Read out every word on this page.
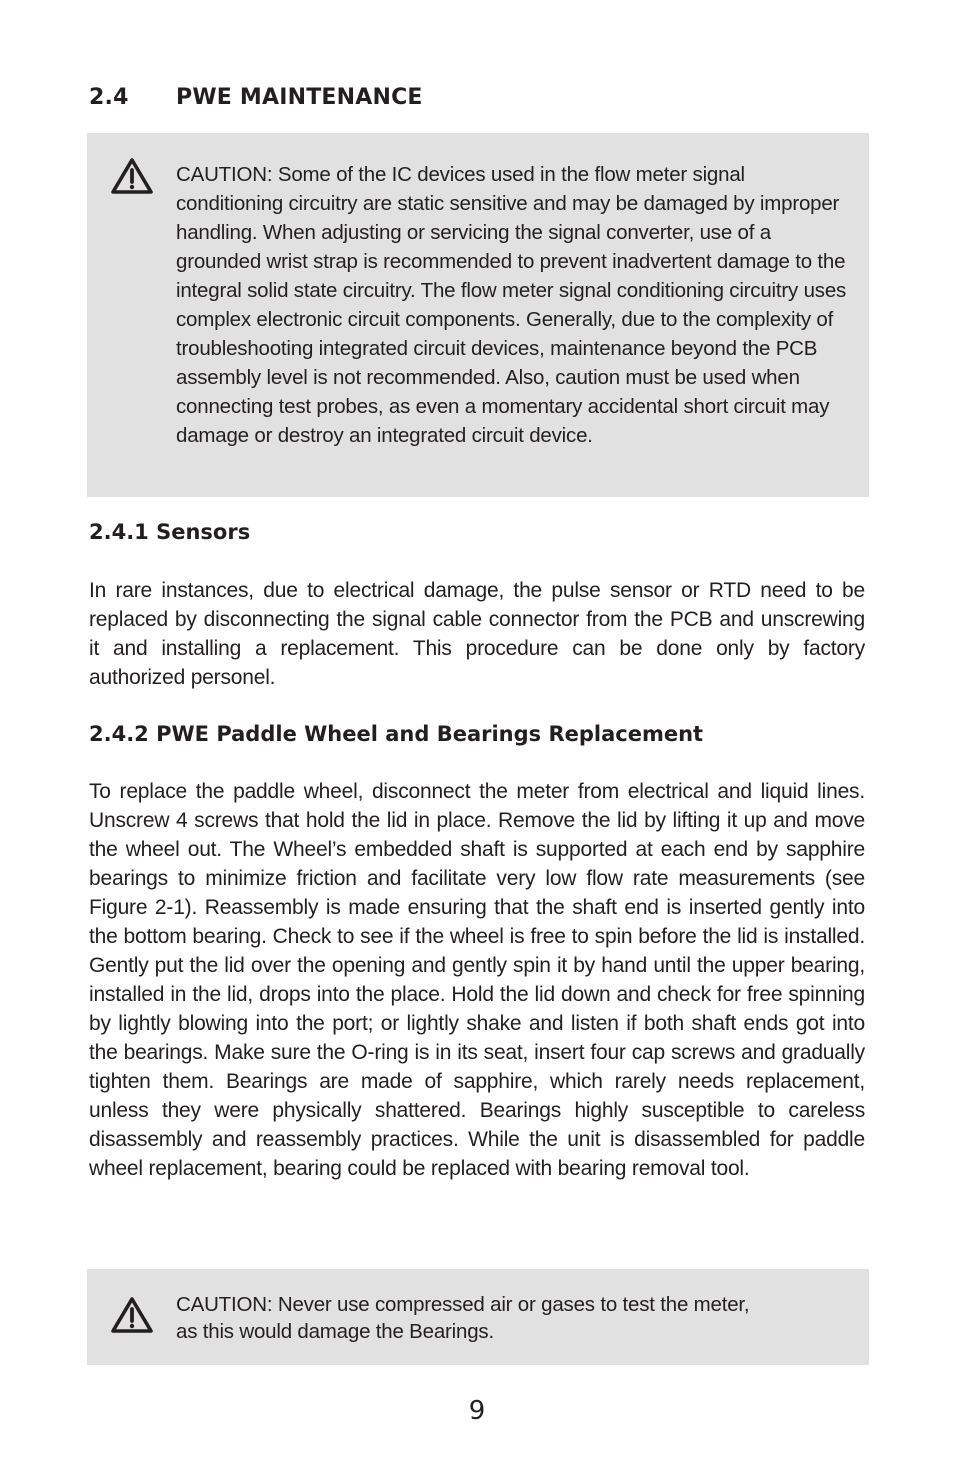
2.4 PWE MAINTENANCE

CAUTION: Some of the IC devices used in the flow meter signal conditioning circuitry are static sensitive and may be damaged by improper handling. When adjusting or servicing the signal converter, use of a grounded wrist strap is recommended to prevent inadvertent damage to the integral solid state circuitry. The flow meter signal conditioning circuitry uses complex electronic circuit components. Generally, due to the complexity of troubleshooting integrated circuit devices, maintenance beyond the PCB assembly level is not recommended. Also, caution must be used when connecting test probes, as even a momentary accidental short circuit may damage or destroy an integrated circuit device.

2.4.1 Sensors

In rare instances, due to electrical damage, the pulse sensor or RTD need to be replaced by disconnecting the signal cable connector from the PCB and unscrewing it and installing a replacement. This procedure can be done only by factory authorized personel.

2.4.2 PWE Paddle Wheel and Bearings Replacement

To replace the paddle wheel, disconnect the meter from electrical and liquid lines. Unscrew 4 screws that hold the lid in place. Remove the lid by lifting it up and move the wheel out. The Wheel’s embedded shaft is supported at each end by sapphire bearings to minimize friction and facilitate very low flow rate measurements (see Figure 2-1). Reassembly is made ensuring that the shaft end is inserted gently into the bottom bearing. Check to see if the wheel is free to spin before the lid is installed. Gently put the lid over the opening and gently spin it by hand until the upper bearing, installed in the lid, drops into the place. Hold the lid down and check for free spinning by lightly blowing into the port; or lightly shake and listen if both shaft ends got into the bearings. Make sure the O-ring is in its seat, insert four cap screws and gradually tighten them. Bearings are made of sapphire, which rarely needs replacement, unless they were physically shattered. Bearings highly susceptible to careless disassembly and reassembly practices. While the unit is disassembled for paddle wheel replacement, bearing could be replaced with bearing removal tool.

CAUTION: Never use compressed air or gases to test the meter,
as this would damage the Bearings.

9
